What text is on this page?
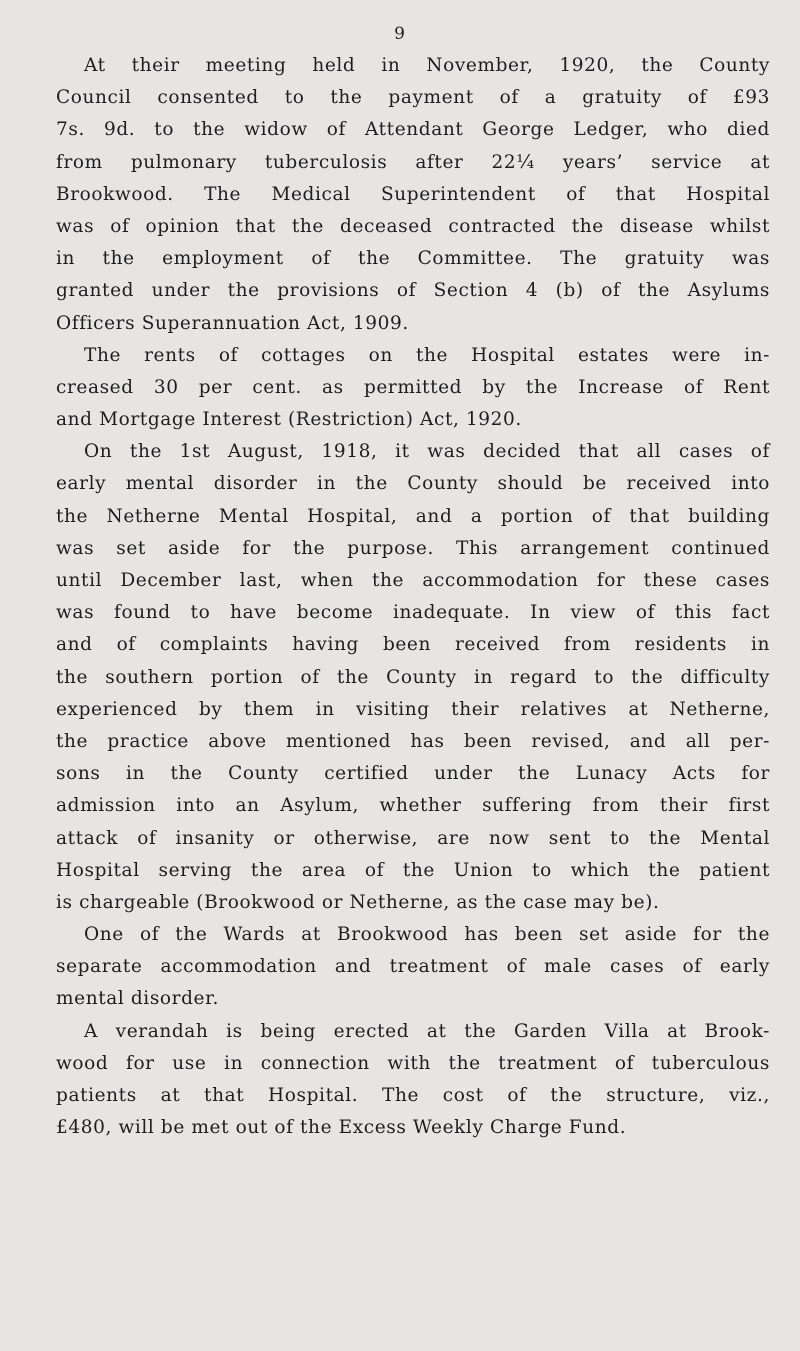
9
At their meeting held in November, 1920, the County
Council consented to the payment of a gratuity of £93
7s. 9d. to the widow of Attendant George Ledger, who died
from pulmonary tuberculosis after 22¼ years’ service at
Brookwood. The Medical Superintendent of that Hospital
was of opinion that the deceased contracted the disease whilst
in the employment of the Committee. The gratuity was
granted under the provisions of Section 4 (b) of the Asylums
Officers Superannuation Act, 1909.
The rents of cottages on the Hospital estates were in-
creased 30 per cent. as permitted by the Increase of Rent
and Mortgage Interest (Restriction) Act, 1920.
On the 1st August, 1918, it was decided that all cases of
early mental disorder in the County should be received into
the Netherne Mental Hospital, and a portion of that building
was set aside for the purpose. This arrangement continued
until December last, when the accommodation for these cases
was found to have become inadequate. In view of this fact
and of complaints having been received from residents in
the southern portion of the County in regard to the difficulty
experienced by them in visiting their relatives at Netherne,
the practice above mentioned has been revised, and all per-
sons in the County certified under the Lunacy Acts for
admission into an Asylum, whether suffering from their first
attack of insanity or otherwise, are now sent to the Mental
Hospital serving the area of the Union to which the patient
is chargeable (Brookwood or Netherne, as the case may be).
One of the Wards at Brookwood has been set aside for the
separate accommodation and treatment of male cases of early
mental disorder.
A verandah is being erected at the Garden Villa at Brook-
wood for use in connection with the treatment of tuberculous
patients at that Hospital. The cost of the structure, viz.,
£480, will be met out of the Excess Weekly Charge Fund.
